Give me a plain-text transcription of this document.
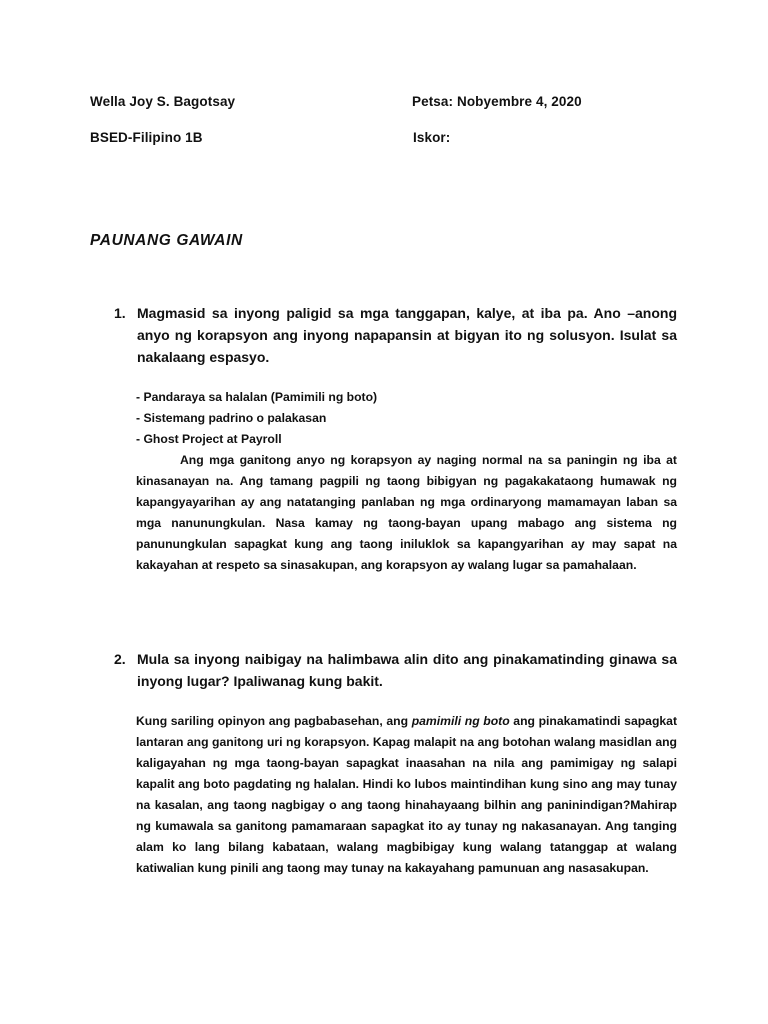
Wella Joy S. Bagotsay	Petsa: Nobyembre 4, 2020
BSED-Filipino 1B	Iskor:
PAUNANG GAWAIN
1. Magmasid sa inyong paligid sa mga tanggapan, kalye, at iba pa. Ano –anong anyo ng korapsyon ang inyong napapansin at bigyan ito ng solusyon. Isulat sa nakalaang espasyo.
- Pandaraya sa halalan (Pamimili ng boto)
- Sistemang padrino o palakasan
- Ghost Project at Payroll
Ang mga ganitong anyo ng korapsyon ay naging normal na sa paningin ng iba at kinasanayan na. Ang tamang pagpili ng taong bibigyan ng pagakakataong humawak ng kapangyayarihan ay ang natatanging panlaban ng mga ordinaryong mamamayan laban sa mga nanunungkulan. Nasa kamay ng taong-bayan upang mabago ang sistema ng panunungkulan sapagkat kung ang taong iniluklok sa kapangyarihan ay may sapat na kakayahan at respeto sa sinasakupan, ang korapsyon ay walang lugar sa pamahalaan.
2. Mula sa inyong naibigay na halimbawa alin dito ang pinakamatinding ginawa sa inyong lugar? Ipaliwanag kung bakit.
Kung sariling opinyon ang pagbabasehan, ang pamimili ng boto ang pinakamatindi sapagkat lantaran ang ganitong uri ng korapsyon. Kapag malapit na ang botohan walang masidlan ang kaligayahan ng mga taong-bayan sapagkat inaasahan na nila ang pamimigay ng salapi kapalit ang boto pagdating ng halalan. Hindi ko lubos maintindihan kung sino ang may tunay na kasalan, ang taong nagbigay o ang taong hinahayaang bilhin ang paninindigan?Mahirap ng kumawala sa ganitong pamamaraan sapagkat ito ay tunay ng nakasanayan. Ang tanging alam ko lang bilang kabataan, walang magbibigay kung walang tatanggap at walang katiwalian kung pinili ang taong may tunay na kakayahang pamunuan ang nasasakupan.
